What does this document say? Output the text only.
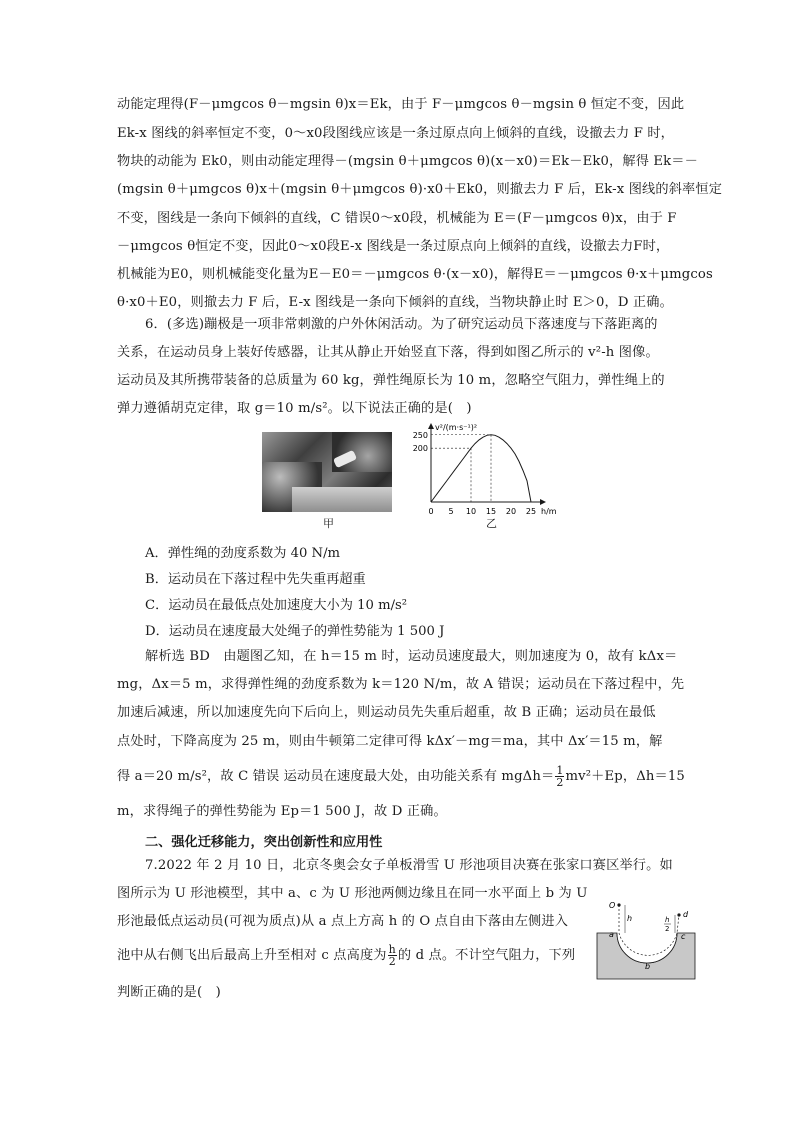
动能定理得(F－μmgcos θ－mgsin θ)x＝Ek，由于 F－μmgcos θ－mgsin θ 恒定不变，因此
Ek-x 图线的斜率恒定不变，0～x0段图线应该是一条过原点向上倾斜的直线，设撤去力 F 时，
物块的动能为 Ek0，则由动能定理得－(mgsin θ＋μmgcos θ)(x－x0)＝Ek－Ek0，解得 Ek＝－
(mgsin θ＋μmgcos θ)x＋(mgsin θ＋μmgcos θ)·x0＋Ek0，则撤去力 F 后，Ek-x 图线的斜率恒定
不变，图线是一条向下倾斜的直线，C 错误0～x0段，机械能为 E＝(F－μmgcos θ)x，由于 F
－μmgcos θ恒定不变，因此0～x0段E-x 图线是一条过原点向上倾斜的直线，设撤去力F时，
机械能为E0，则机械能变化量为E－E0＝－μmgcos θ·(x－x0)，解得E＝－μmgcos θ·x＋μmgcos
θ·x0＋E0，则撤去力 F 后，E-x 图线是一条向下倾斜的直线，当物块静止时 E＞0，D 正确。
6．(多选)蹦极是一项非常刺激的户外休闲活动。为了研究运动员下落速度与下落距离的
关系，在运动员身上装好传感器，让其从静止开始竖直下落，得到如图乙所示的 v²-h 图像。
运动员及其所携带装备的总质量为 60 kg，弹性绳原长为 10 m，忽略空气阻力，弹性绳上的
弹力遵循胡克定律，取 g＝10 m/s²。以下说法正确的是(　)
甲
v²/(m·s⁻¹)²
200
250
0 5 10 15 20 25 h/m
乙
A．弹性绳的劲度系数为 40 N/m
B．运动员在下落过程中先失重再超重
C．运动员在最低点处加速度大小为 10 m/s²
D．运动员在速度最大处绳子的弹性势能为 1 500 J
解析选 BD　由题图乙知，在 h＝15 m 时，运动员速度最大，则加速度为 0，故有 kΔx＝
mg，Δx＝5 m，求得弹性绳的劲度系数为 k＝120 N/m，故 A 错误；运动员在下落过程中，先
加速后减速，所以加速度先向下后向上，则运动员先失重后超重，故 B 正确；运动员在最低
点处时，下降高度为 25 m，则由牛顿第二定律可得 kΔx′－mg＝ma，其中 Δx′＝15 m，解
得 a＝20 m/s²，故 C 错误 运动员在速度最大处，由功能关系有 $mg\Delta h= \frac{1}{2} mv^2+Ep$，Δh＝15
m，求得绳子的弹性势能为 Ep＝1 500 J，故 D 正确。
二、强化迁移能力，突出创新性和应用性
7.2022 年 2 月 10 日，北京冬奥会女子单板滑雪 U 形池项目决赛在张家口赛区举行。如
图所示为 U 形池模型，其中 a、c 为 U 形池两侧边缘且在同一水平面上 b 为 U
形池最低点运动员(可视为质点)从 a 点上方高 h 的 O 点自由下落由左侧进入
池中从右侧飞出后最高上升至相对 c 点高度为 $\frac{h}{2}$ 的 d 点。不计空气阻力，下列
判断正确的是(　)
O
h	h
2
d
a
b
c
